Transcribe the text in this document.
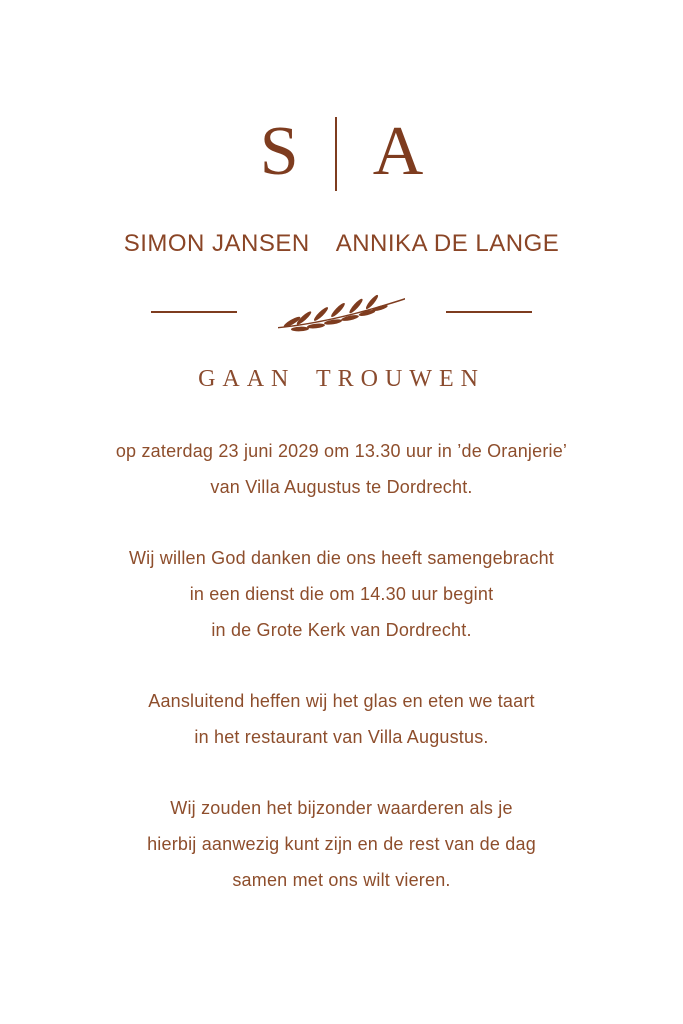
S A
SIMON JANSEN ANNIKA DE LANGE
GAAN TROUWEN

op zaterdag 23 juni 2029 om 13.30 uur in ’de Oranjerie’
van Villa Augustus te Dordrecht.

Wij willen God danken die ons heeft samengebracht
in een dienst die om 14.30 uur begint
in de Grote Kerk van Dordrecht.

Aansluitend heffen wij het glas en eten we taart
in het restaurant van Villa Augustus.

Wij zouden het bijzonder waarderen als je
hierbij aanwezig kunt zijn en de rest van de dag
samen met ons wilt vieren.
